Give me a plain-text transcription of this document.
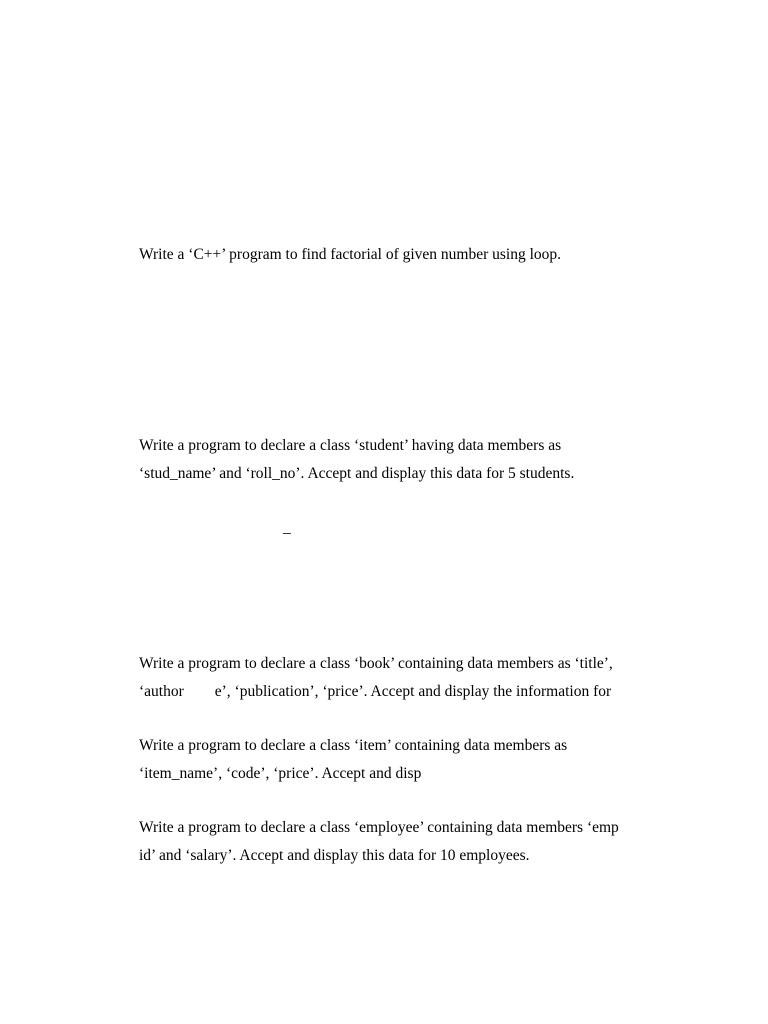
Write a ‘C++’ program to find factorial of given number using loop.

Write a program to declare a class ‘student’ having data members as

‘stud_name’ and ‘roll_no’. Accept and display this data for 5 students.

_

Write a program to declare a class ‘book’ containing data members as ‘title’,

‘author        e’, ‘publication’, ‘price’. Accept and display the information for

Write a program to declare a class ‘item’ containing data members as

‘item_name’, ‘code’, ‘price’. Accept and disp

Write a program to declare a class ‘employee’ containing data members ‘emp

id’ and ‘salary’. Accept and display this data for 10 employees.
